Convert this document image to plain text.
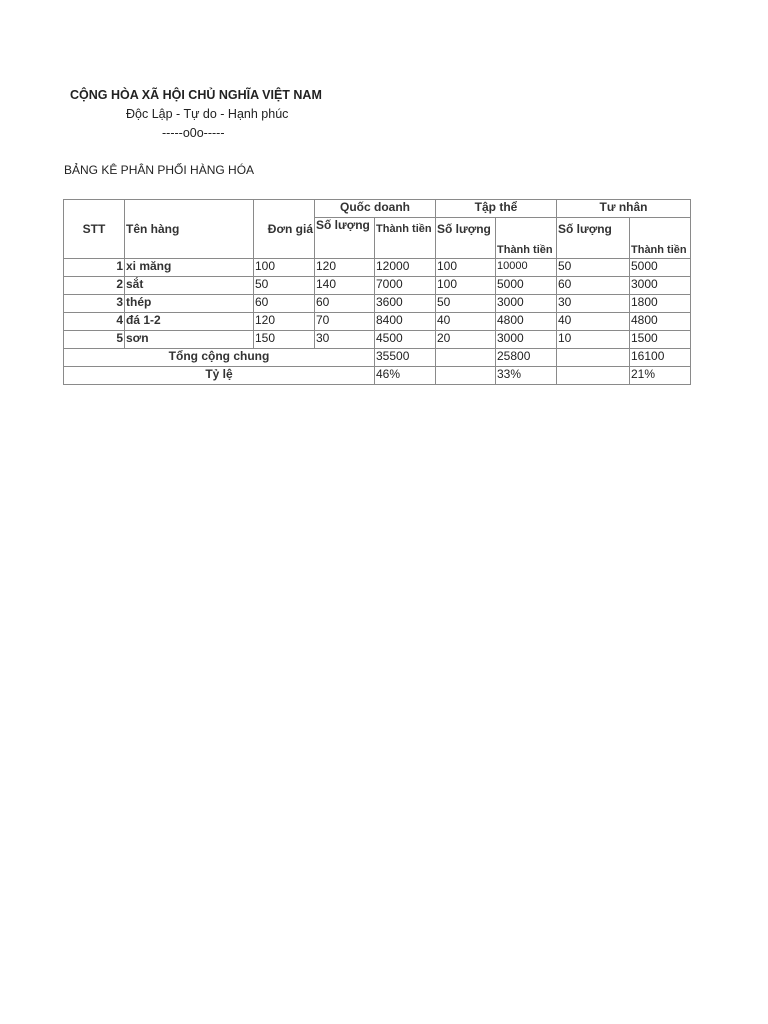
CỘNG HÒA XÃ HỘI CHỦ NGHĨA VIỆT NAM
Độc Lập - Tự do - Hạnh phúc
-----o0o-----
BẢNG KÊ PHÂN PHỐI HÀNG HÓA
STT	Tên hàng	Đơn giá	Quốc doanh		Tập thể		Tư nhân	
			Số lượng	Thành tiền	Số lượng	Thành tiền	Số lượng	Thành tiền
1	xi măng	100	120	12000	100	10000	50	5000
2	sắt	50	140	7000	100	5000	60	3000
3	thép	60	60	3600	50	3000	30	1800
4	đá 1-2	120	70	8400	40	4800	40	4800
5	sơn	150	30	4500	20	3000	10	1500
Tổng cộng chung				35500		25800		16100
Tỷ lệ				46%		33%		21%
